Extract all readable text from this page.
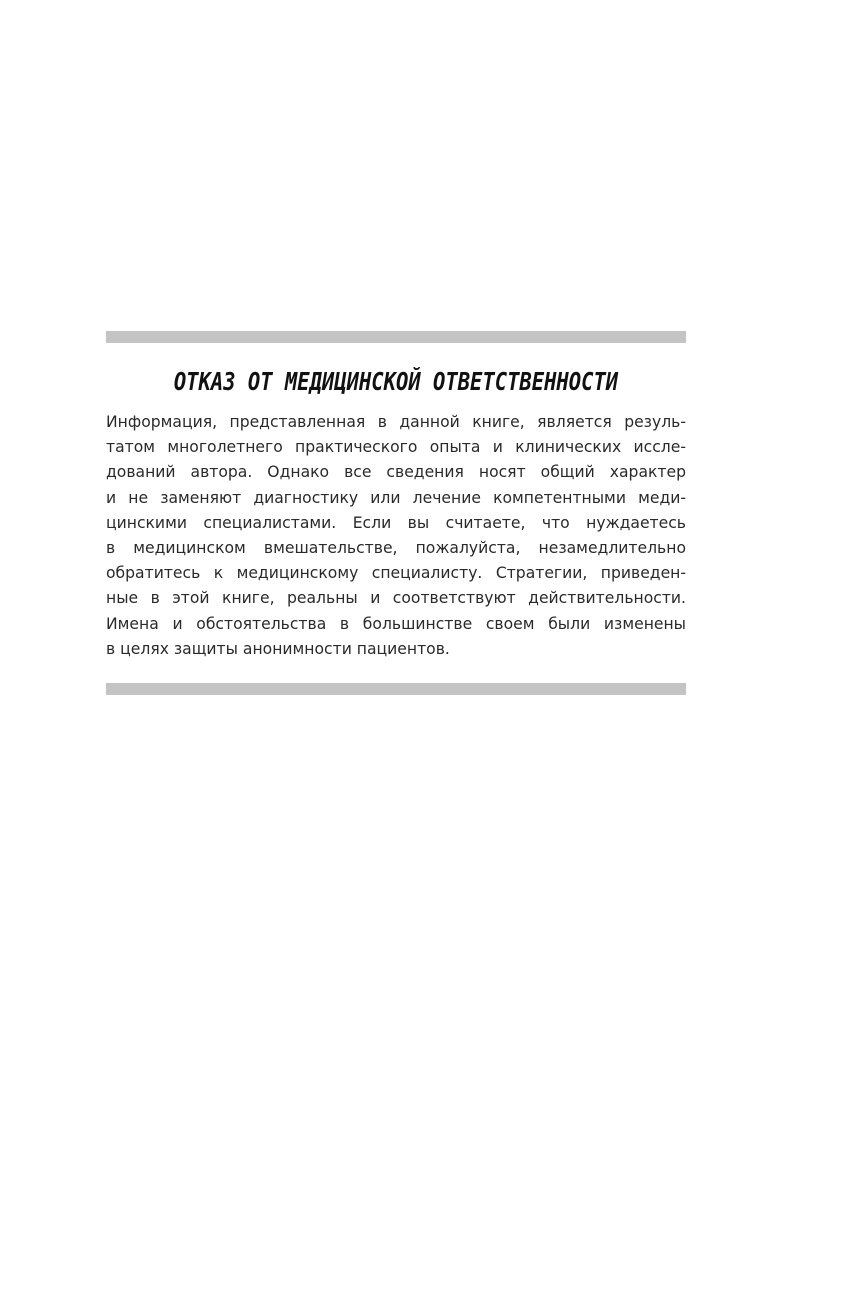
ОТКАЗ ОТ МЕДИЦИНСКОЙ ОТВЕТСТВЕННОСТИ
Информация, представленная в данной книге, является резуль-
татом многолетнего практического опыта и клинических иссле-
дований автора. Однако все сведения носят общий характер
и не заменяют диагностику или лечение компетентными меди-
цинскими специалистами. Если вы считаете, что нуждаетесь
в медицинском вмешательстве, пожалуйста, незамедлительно
обратитесь к медицинскому специалисту. Стратегии, приведен-
ные в этой книге, реальны и соответствуют действительности.
Имена и обстоятельства в большинстве своем были изменены
в целях защиты анонимности пациентов.
